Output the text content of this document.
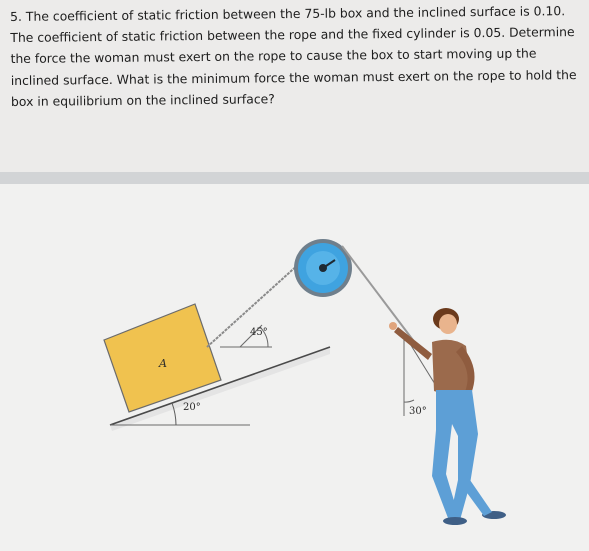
5. The coefficient of static friction between the 75-lb box and the inclined surface is 0.10. The coefficient of static friction between the rope and the fixed cylinder is 0.05. Determine the force the woman must exert on the rope to cause the box to start moving up the inclined surface. What is the minimum force the woman must exert on the rope to hold the box in equilibrium on the inclined surface?
A
20°
45°
30°
